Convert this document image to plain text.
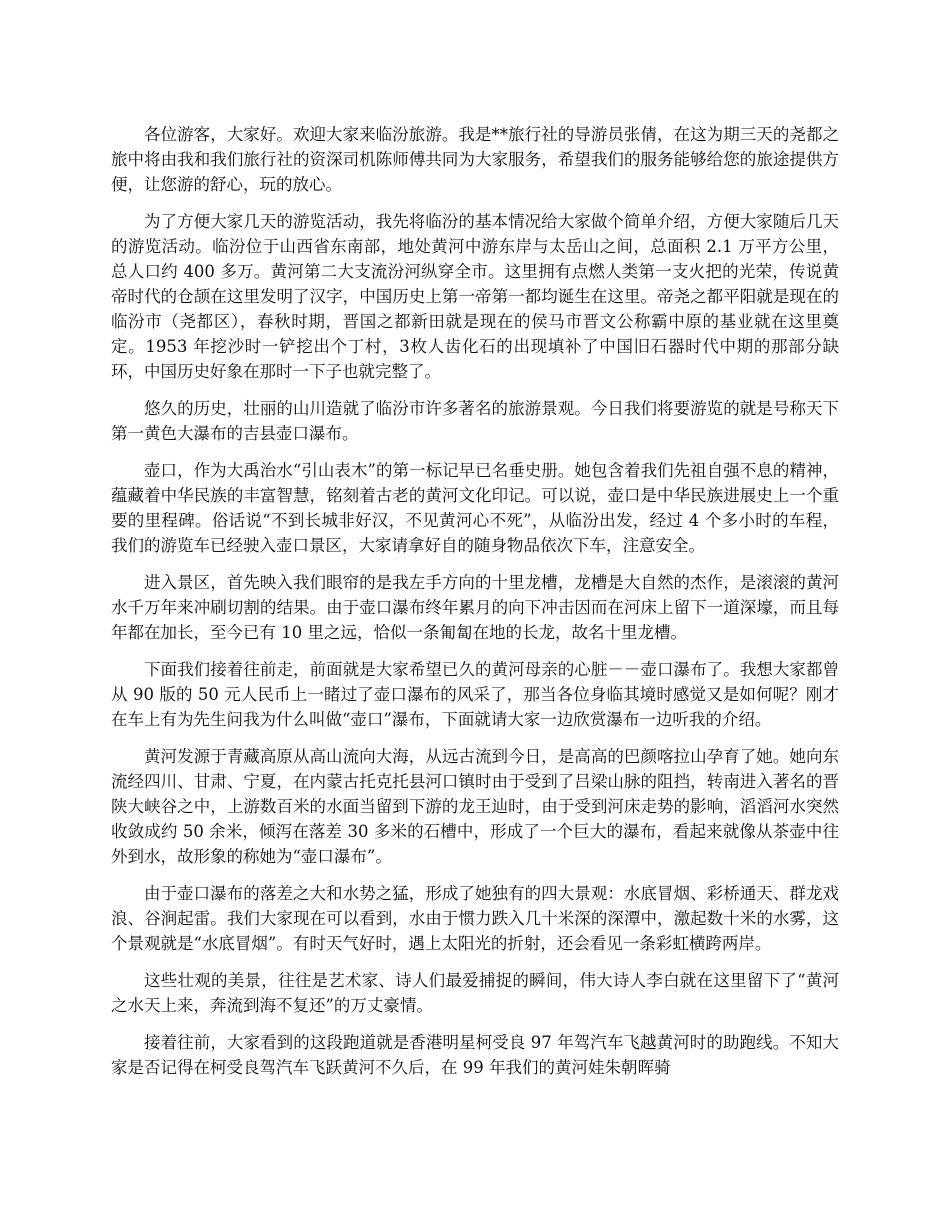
各位游客，大家好。欢迎大家来临汾旅游。我是**旅行社的导游员张倩，在这为期三天的尧都之旅中将由我和我们旅行社的资深司机陈师傅共同为大家服务，希望我们的服务能够给您的旅途提供方便，让您游的舒心，玩的放心。

为了方便大家几天的游览活动，我先将临汾的基本情况给大家做个简单介绍，方便大家随后几天的游览活动。临汾位于山西省东南部，地处黄河中游东岸与太岳山之间，总面积 2.1 万平方公里，总人口约 400 多万。黄河第二大支流汾河纵穿全市。这里拥有点燃人类第一支火把的光荣，传说黄帝时代的仓颉在这里发明了汉字，中国历史上第一帝第一都均诞生在这里。帝尧之都平阳就是现在的临汾市（尧都区），春秋时期，晋国之都新田就是现在的侯马市晋文公称霸中原的基业就在这里奠定。1953 年挖沙时一铲挖出个丁村，3枚人齿化石的出现填补了中国旧石器时代中期的那部分缺环，中国历史好象在那时一下子也就完整了。

悠久的历史，壮丽的山川造就了临汾市许多著名的旅游景观。今日我们将要游览的就是号称天下第一黄色大瀑布的吉县壶口瀑布。

壶口，作为大禹治水“引山表木”的第一标记早已名垂史册。她包含着我们先祖自强不息的精神，蕴藏着中华民族的丰富智慧，铭刻着古老的黄河文化印记。可以说，壶口是中华民族进展史上一个重要的里程碑。俗话说“不到长城非好汉，不见黄河心不死”，从临汾出发，经过 4 个多小时的车程，我们的游览车已经驶入壶口景区，大家请拿好自的随身物品依次下车，注意安全。

进入景区，首先映入我们眼帘的是我左手方向的十里龙槽，龙槽是大自然的杰作，是滚滚的黄河水千万年来冲刷切割的结果。由于壶口瀑布终年累月的向下冲击因而在河床上留下一道深壕，而且每年都在加长，至今已有 10 里之远，恰似一条匍匐在地的长龙，故名十里龙槽。

下面我们接着往前走，前面就是大家希望已久的黄河母亲的心脏－－壶口瀑布了。我想大家都曾从 90 版的 50 元人民币上一睹过了壶口瀑布的风采了，那当各位身临其境时感觉又是如何呢？刚才在车上有为先生问我为什么叫做“壶口”瀑布，下面就请大家一边欣赏瀑布一边听我的介绍。

黄河发源于青藏高原从高山流向大海，从远古流到今日，是高高的巴颜喀拉山孕育了她。她向东流经四川、甘肃、宁夏，在内蒙古托克托县河口镇时由于受到了吕梁山脉的阻挡，转南进入著名的晋陕大峡谷之中，上游数百米的水面当留到下游的龙王辿时，由于受到河床走势的影响，滔滔河水突然收敛成约 50 余米，倾泻在落差 30 多米的石槽中，形成了一个巨大的瀑布，看起来就像从茶壶中往外到水，故形象的称她为“壶口瀑布”。

由于壶口瀑布的落差之大和水势之猛，形成了她独有的四大景观：水底冒烟、彩桥通天、群龙戏浪、谷涧起雷。我们大家现在可以看到，水由于惯力跌入几十米深的深潭中，激起数十米的水雾，这个景观就是“水底冒烟”。有时天气好时，遇上太阳光的折射，还会看见一条彩虹横跨两岸。

这些壮观的美景，往往是艺术家、诗人们最爱捕捉的瞬间，伟大诗人李白就在这里留下了“黄河之水天上来，奔流到海不复还”的万丈豪情。

接着往前，大家看到的这段跑道就是香港明星柯受良 97 年驾汽车飞越黄河时的助跑线。不知大家是否记得在柯受良驾汽车飞跃黄河不久后，在 99 年我们的黄河娃朱朝晖骑
